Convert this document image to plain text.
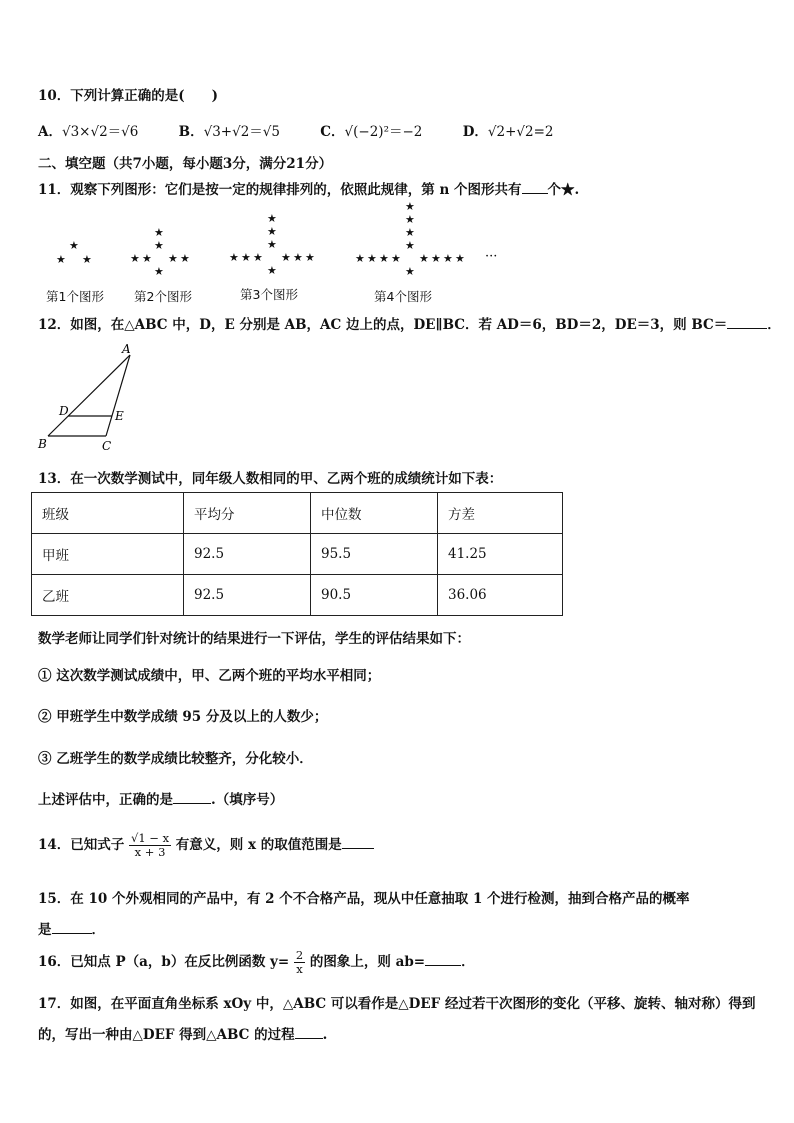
10．下列计算正确的是(　　)
A．√3×√2＝√6	B．√3+√2＝√5	C．√(−2)²＝−2	D．√2+√2=2
二、填空题（共7小题，每小题3分，满分21分）
11．观察下列图形：它们是按一定的规律排列的，依照此规律，第 n 个图形共有 个★.
★
★ ★
★
★
★ ★ ★ ★
★
★
★
★
★ ★ ★ ★ ★ ★
★
★
★
★
★
★ ★ ★ ★ ★ ★ ★ ★
★
···
第1个图形 第2个图形	第3个图形	第4个图形
12．如图，在△ABC 中，D，E 分别是 AB，AC 边上的点，DE∥BC．若 AD＝6，BD＝2，DE＝3，则 BC＝	．
A
B	C
D	E
13．在一次数学测试中，同年级人数相同的甲、乙两个班的成绩统计如下表：
班级	平均分	中位数	方差
甲班	92.5	95.5	41.25
乙班	92.5	90.5	36.06
数学老师让同学们针对统计的结果进行一下评估，学生的评估结果如下：
① 这次数学测试成绩中，甲、乙两个班的平均水平相同；
② 甲班学生中数学成绩 95 分及以上的人数少；
③ 乙班学生的数学成绩比较整齐，分化较小．
上述评估中，正确的是	.（填序号）
14．已知式子 $\frac{√1 - x}{x + 3}$ 有意义，则 x 的取值范围是
15．在 10 个外观相同的产品中，有 2 个不合格产品，现从中任意抽取 1 个进行检测，抽到合格产品的概率
是	．
16．已知点 P（a，b）在反比例函数 $y= \frac{2}{x}$ 的图象上，则 ab=	．
17．如图，在平面直角坐标系 xOy 中，△ABC 可以看作是△DEF 经过若干次图形的变化（平移、旋转、轴对称）得到
的，写出一种由△DEF 得到△ABC 的过程 .
